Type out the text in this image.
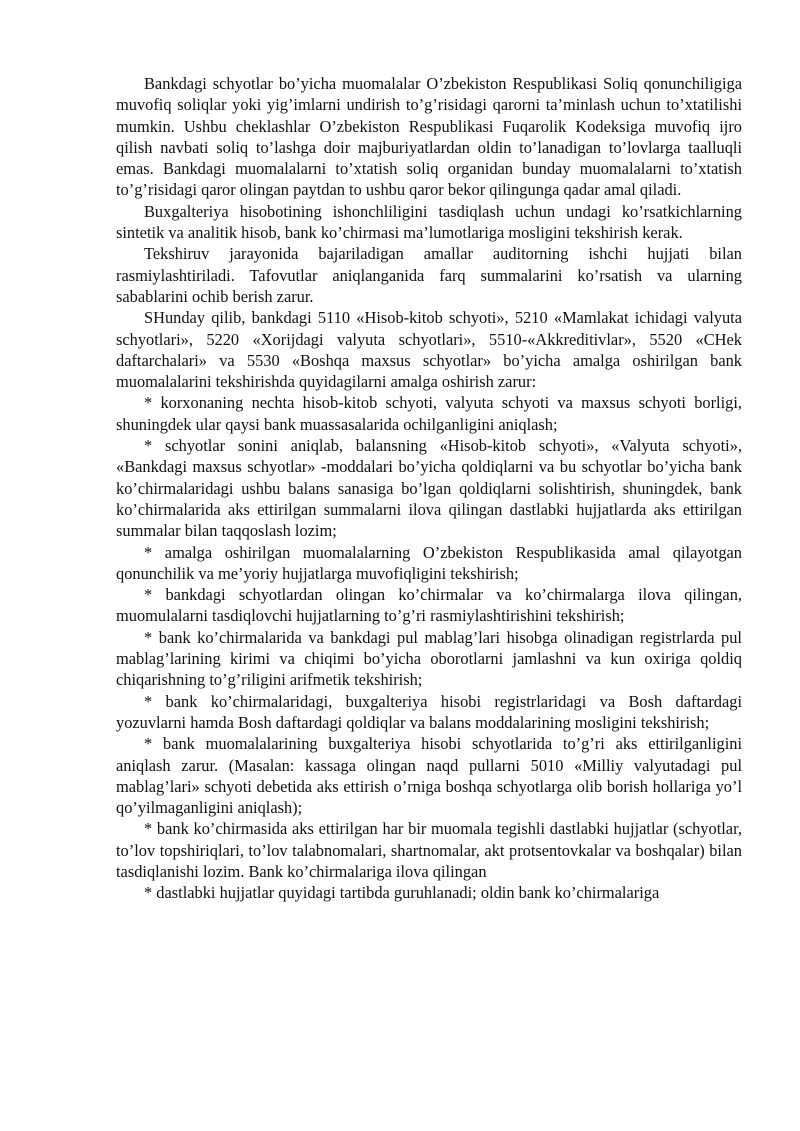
Bankdagi schyotlar bo’yicha muomalalar O’zbekiston Respublikasi Soliq qonunchiligiga muvofiq soliqlar yoki yig’imlarni undirish to’g’risidagi qarorni ta’minlash uchun to’xtatilishi mumkin. Ushbu cheklashlar O’zbekiston Respublikasi Fuqarolik Kodeksiga muvofiq ijro qilish navbati soliq to’lashga doir majburiyatlardan oldin to’lanadigan to’lovlarga taalluqli emas. Bankdagi muomalalarni to’xtatish soliq organidan bunday muomalalarni to’xtatish to’g’risidagi qaror olingan paytdan to ushbu qaror bekor qilingunga qadar amal qiladi.

Buxgalteriya hisobotining ishonchliligini tasdiqlash uchun undagi ko’rsatkichlarning sintetik va analitik hisob, bank ko’chirmasi ma’lumotlariga mosligini tekshirish kerak.

Tekshiruv jarayonida bajariladigan amallar auditorning ishchi hujjati bilan rasmiylashtiriladi. Tafovutlar aniqlanganida farq summalarini ko’rsatish va ularning sabablarini ochib berish zarur.

SHunday qilib, bankdagi 5110 «Hisob-kitob schyoti», 5210 «Mamlakat ichidagi valyuta schyotlari», 5220 «Xorijdagi valyuta schyotlari», 5510-«Akkreditivlar», 5520 «CHek daftarchalari» va 5530 «Boshqa maxsus schyotlar» bo’yicha amalga oshirilgan bank muomalalarini tekshirishda quyidagilarni amalga oshirish zarur:

* korxonaning nechta hisob-kitob schyoti, valyuta schyoti va maxsus schyoti borligi, shuningdek ular qaysi bank muassasalarida ochilganligini aniqlash;

* schyotlar sonini aniqlab, balansning «Hisob-kitob schyoti», «Valyuta schyoti», «Bankdagi maxsus schyotlar» -moddalari bo’yicha qoldiqlarni va bu schyotlar bo’yicha bank ko’chirmalaridagi ushbu balans sanasiga bo’lgan qoldiqlarni solishtirish, shuningdek, bank ko’chirmalarida aks ettirilgan summalarni ilova qilingan dastlabki hujjatlarda aks ettirilgan summalar bilan taqqoslash lozim;

* amalga oshirilgan muomalalarning O’zbekiston Respublikasida amal qilayotgan qonunchilik va me’yoriy hujjatlarga muvofiqligini tekshirish;

* bankdagi schyotlardan olingan ko’chirmalar va ko’chirmalarga ilova qilingan, muomulalarni tasdiqlovchi hujjatlarning to’g’ri rasmiylashtirishini tekshirish;

* bank ko’chirmalarida va bankdagi pul mablag’lari hisobga olinadigan registrlarda pul mablag’larining kirimi va chiqimi bo’yicha oborotlarni jamlashni va kun oxiriga qoldiq chiqarishning to’g’riligini arifmetik tekshirish;

* bank ko’chirmalaridagi, buxgalteriya hisobi registrlaridagi va Bosh daftardagi yozuvlarni hamda Bosh daftardagi qoldiqlar va balans moddalarining mosligini tekshirish;

* bank muomalalarining buxgalteriya hisobi schyotlarida to’g’ri aks ettirilganligini aniqlash zarur. (Masalan: kassaga olingan naqd pullarni 5010 «Milliy valyutadagi pul mablag’lari» schyoti debetida aks ettirish o’rniga boshqa schyotlarga olib borish hollariga yo’l qo’yilmaganligini aniqlash);

* bank ko’chirmasida aks ettirilgan har bir muomala tegishli dastlabki hujjatlar (schyotlar, to’lov topshiriqlari, to’lov talabnomalari, shartnomalar, akt protsentovkalar va boshqalar) bilan tasdiqlanishi lozim. Bank ko’chirmalariga ilova qilingan

* dastlabki hujjatlar quyidagi tartibda guruhlanadi; oldin bank ko’chirmalariga
